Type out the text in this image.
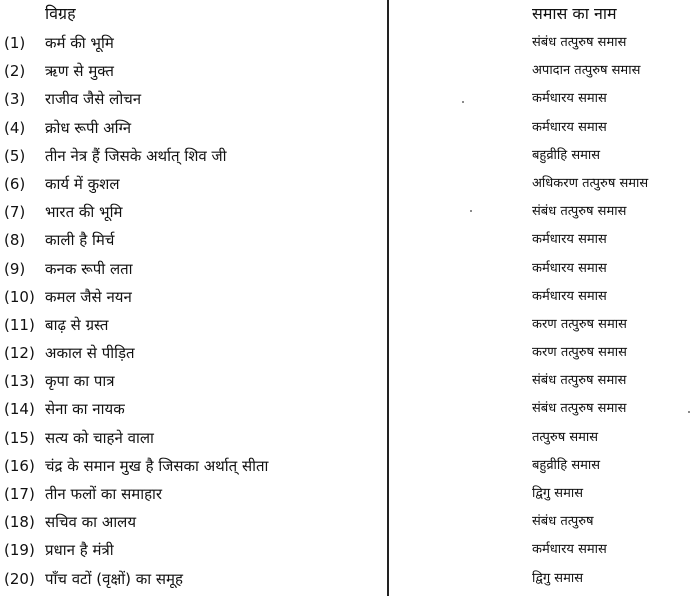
विग्रह	समास का नाम
(1) कर्म की भूमि	संबंध तत्पुरुष समास
(2) ऋण से मुक्त	अपादान तत्पुरुष समास
(3) राजीव जैसे लोचन	कर्मधारय समास
(4) क्रोध रूपी अग्नि	कर्मधारय समास
(5) तीन नेत्र हैं जिसके अर्थात् शिव जी	बहुव्रीहि समास
(6) कार्य में कुशल	अधिकरण तत्पुरुष समास
(7) भारत की भूमि	संबंध तत्पुरुष समास
(8) काली है मिर्च	कर्मधारय समास
(9) कनक रूपी लता	कर्मधारय समास
(10) कमल जैसे नयन	कर्मधारय समास
(11) बाढ़ से ग्रस्त	करण तत्पुरुष समास
(12) अकाल से पीड़ित	करण तत्पुरुष समास
(13) कृपा का पात्र	संबंध तत्पुरुष समास
(14) सेना का नायक	संबंध तत्पुरुष समास
(15) सत्य को चाहने वाला	तत्पुरुष समास
(16) चंद्र के समान मुख है जिसका अर्थात् सीता	बहुव्रीहि समास
(17) तीन फलों का समाहार	द्विगु समास
(18) सचिव का आलय	संबंध तत्पुरुष
(19) प्रधान है मंत्री	कर्मधारय समास
(20) पाँच वटों (वृक्षों) का समूह	द्विगु समास
